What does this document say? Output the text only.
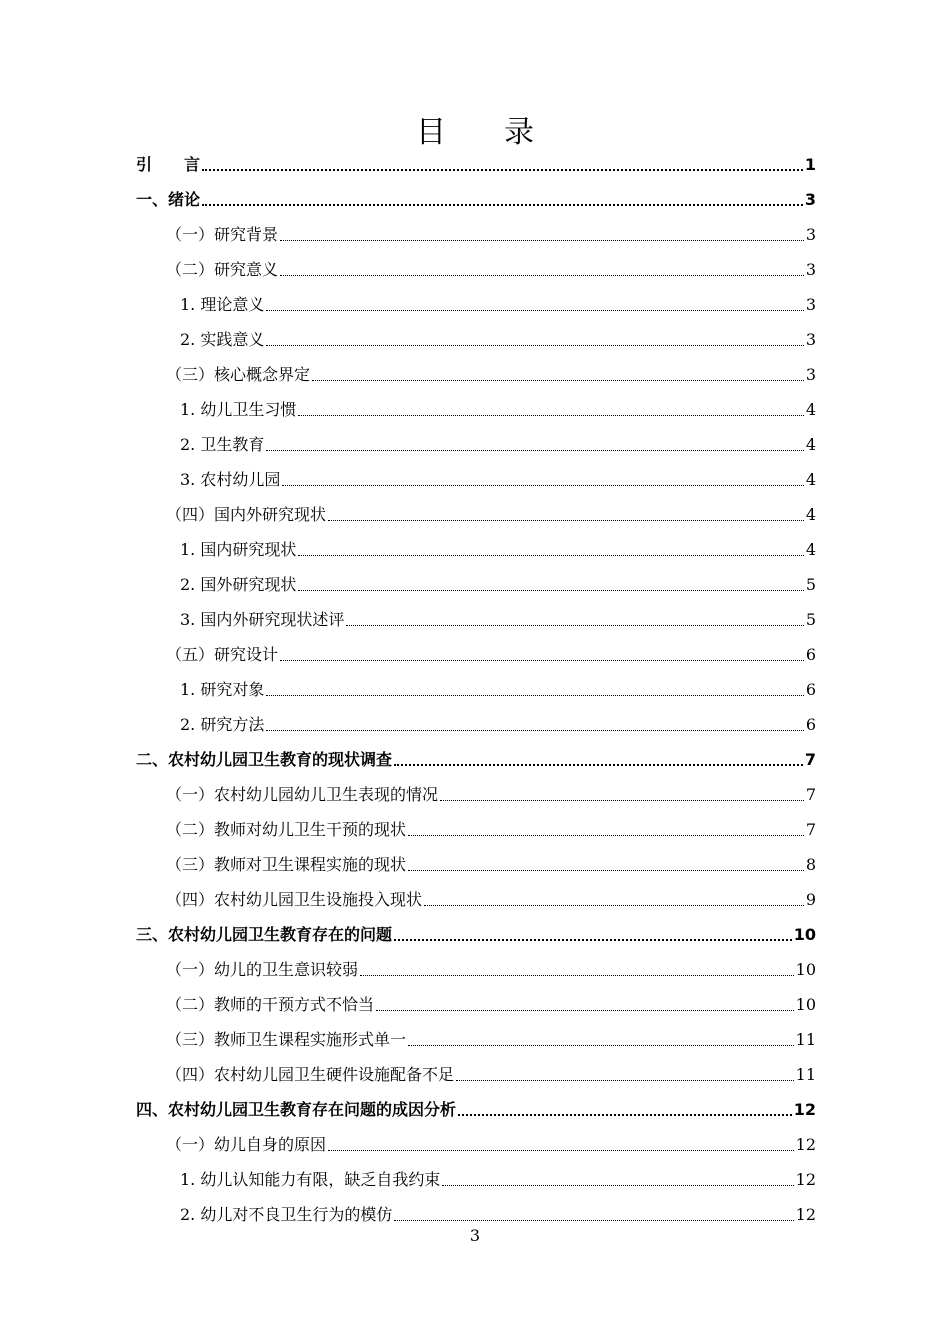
目 录
引　　言	1
一、绪论	3
（一）研究背景	3
（二）研究意义	3
1. 理论意义	3
2. 实践意义	3
（三）核心概念界定	3
1. 幼儿卫生习惯	4
2. 卫生教育	4
3. 农村幼儿园	4
（四）国内外研究现状	4
1. 国内研究现状	4
2. 国外研究现状	5
3. 国内外研究现状述评	5
（五）研究设计	6
1. 研究对象	6
2. 研究方法	6
二、农村幼儿园卫生教育的现状调查	7
（一）农村幼儿园幼儿卫生表现的情况	7
（二）教师对幼儿卫生干预的现状	7
（三）教师对卫生课程实施的现状	8
（四）农村幼儿园卫生设施投入现状	9
三、农村幼儿园卫生教育存在的问题	10
（一）幼儿的卫生意识较弱	10
（二）教师的干预方式不恰当	10
（三）教师卫生课程实施形式单一	11
（四）农村幼儿园卫生硬件设施配备不足	11
四、农村幼儿园卫生教育存在问题的成因分析	12
（一）幼儿自身的原因	12
1. 幼儿认知能力有限，缺乏自我约束	12
2. 幼儿对不良卫生行为的模仿	12
3
